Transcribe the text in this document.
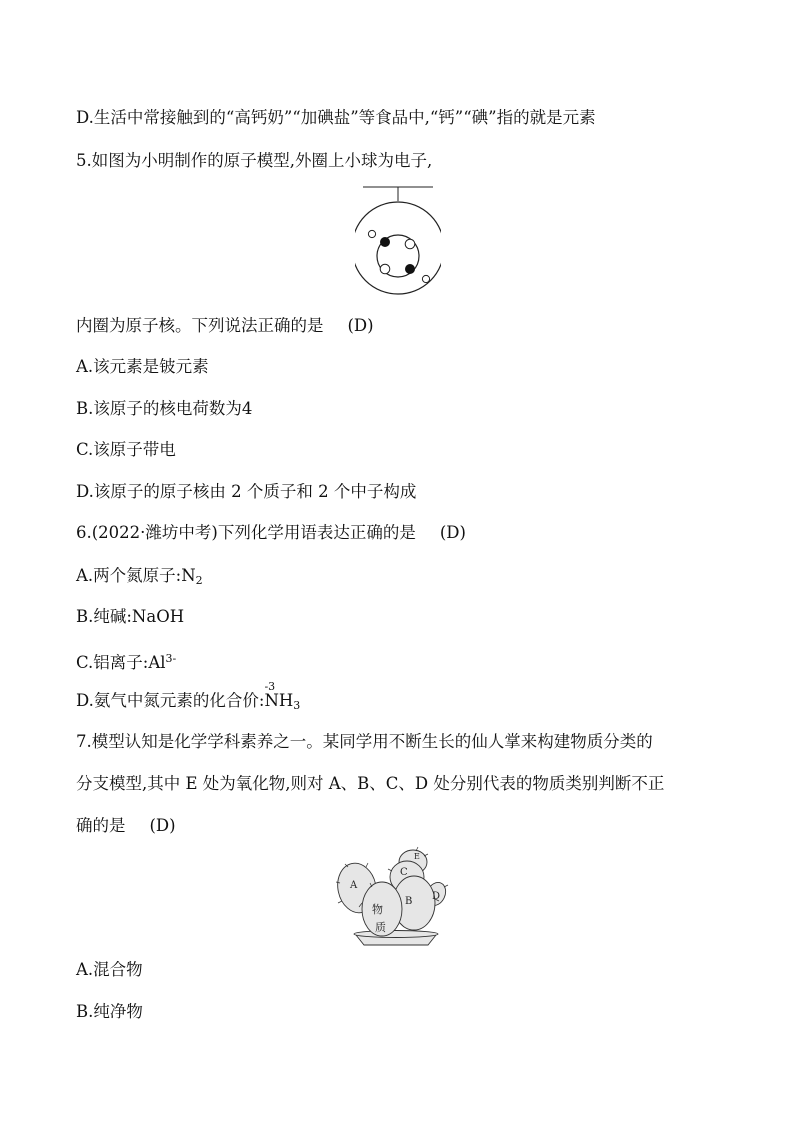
D.生活中常接触到的“高钙奶”“加碘盐”等食品中,“钙”“碘”指的就是元素
5.如图为小明制作的原子模型,外圈上小球为电子,
内圈为原子核。下列说法正确的是 (D)
A.该元素是铍元素
B.该原子的核电荷数为4
C.该原子带电
D.该原子的原子核由 2 个质子和 2 个中子构成
6.(2022·潍坊中考)下列化学用语表达正确的是 (D)
A.两个氮原子$:N_2$
B.纯碱:NaOH
C.铝离子$:Al^{3-}$
D.氨气中氮元素的化合价:
-3
$NH_3$
7.模型认知是化学学科素养之一。某同学用不断生长的仙人掌来构建物质分类的
分支模型,其中 E 处为氧化物,则对 A、B、C、D 处分别代表的物质类别判断不正
确的是 (D)
A
C
E
B D
物
质
A.混合物
B.纯净物
